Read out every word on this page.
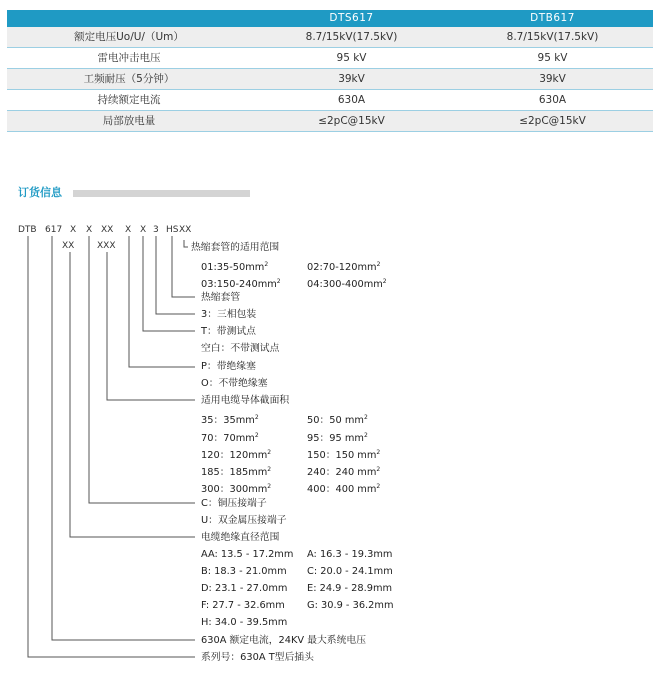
DTS617	DTB617
额定电压Uo/U/（Um）	8.7/15kV(17.5kV)	8.7/15kV(17.5kV)
雷电冲击电压	95 kV	95 kV
工频耐压（5分钟）	39kV	39kV
持续额定电流	630A	630A
局部放电量	≤2pC@15kV	≤2pC@15kV
订货信息
DTB 617 X X XX X X 3 HS XX
XX	XXX	热缩套管的适用范围
$01:35-50mm^2$	$02:70-120mm^2$
$03:150-240mm^2$	$04:300-400mm^2$
热缩套管
3：三相包装
T：带测试点
空白：不带测试点
P：带绝缘塞
O：不带绝缘塞
适用电缆导体截面积
35：$35mm^2$	50：50 $mm^2$
70：$70mm^2$	95：95 $mm^2$
120：$120mm^2$	150：150 $mm^2$
185：$185mm^2$	240：240 $mm^2$
300：$300mm^2$	400：400 $mm^2$
C：铜压接端子
U：双金属压接端子
电缆绝缘直径范围
AA: 13.5 - 17.2mm A: 16.3 - 19.3mm
B: 18.3 - 21.0mm C: 20.0 - 24.1mm
D: 23.1 - 27.0mm E: 24.9 - 28.9mm
F: 27.7 - 32.6mm G: 30.9 - 36.2mm
H: 34.0 - 39.5mm
630A 额定电流，24KV 最大系统电压
系列号：630A T型后插头
